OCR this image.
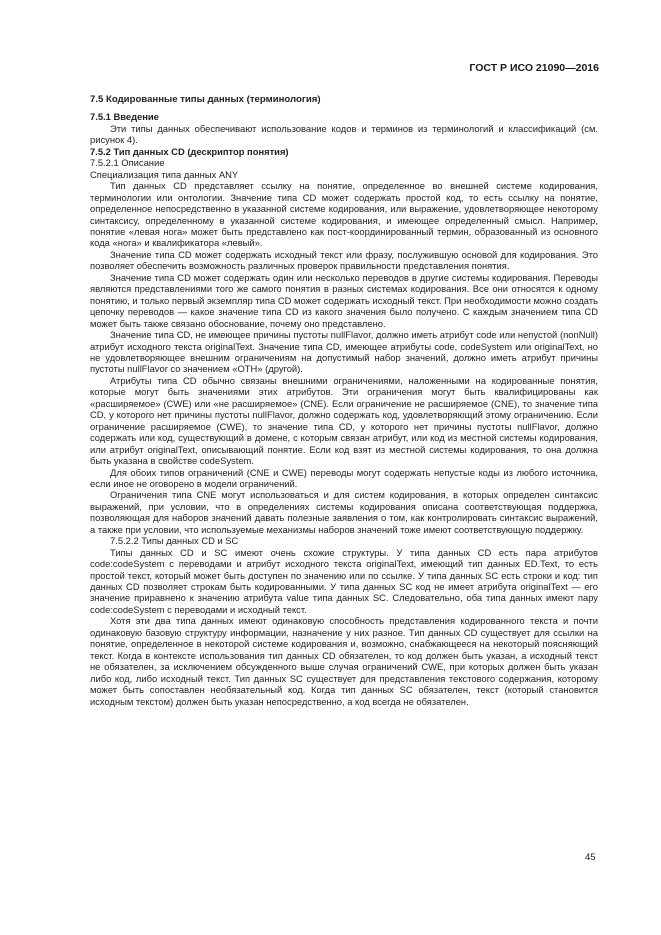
ГОСТ Р ИСО 21090—2016

7.5 Кодированные типы данных (терминология)

7.5.1 Введение

Эти типы данных обеспечивают использование кодов и терминов из терминологий и классификаций (см. рисунок 4).

7.5.2 Тип данных CD (дескриптор понятия)

7.5.2.1 Описание

Специализация типа данных ANY

Тип данных CD представляет ссылку на понятие, определенное во внешней системе кодирования, терминологии или онтологии. Значение типа CD может содержать простой код, то есть ссылку на понятие, определенное непосредственно в указанной системе кодирования, или выражение, удовлетворяющее некоторому синтаксису, определенному в указанной системе кодирования, и имеющее определенный смысл. Например, понятие «левая нога» может быть представлено как пост-координированный термин, образованный из основного кода «нога» и квалификатора «левый».

Значение типа CD может содержать исходный текст или фразу, послужившую основой для кодирования. Это позволяет обеспечить возможность различных проверок правильности представления понятия.

Значение типа CD может содержать один или несколько переводов в другие системы кодирования. Переводы являются представлениями того же самого понятия в разных системах кодирования. Все они относятся к одному понятию, и только первый экземпляр типа CD может содержать исходный текст. При необходимости можно создать цепочку переводов — какое значение типа CD из какого значения было получено. С каждым значением типа CD может быть также связано обоснование, почему оно представлено.

Значение типа CD, не имеющее причины пустоты nullFlavor, должно иметь атрибут code или непустой (nonNull) атрибут исходного текста originalText. Значение типа CD, имеющее атрибуты code, codeSystem или originalText, но не удовлетворяющее внешним ограничениям на допустимый набор значений, должно иметь атрибут причины пустоты nullFlavor со значением «OTH» (другой).

Атрибуты типа CD обычно связаны внешними ограничениями, наложенными на кодированные понятия, которые могут быть значениями этих атрибутов. Эти ограничения могут быть квалифицированы как «расширяемое» (CWE) или «не расширяемое» (CNE). Если ограничение не расширяемое (CNE), то значение типа CD, у которого нет причины пустоты nullFlavor, должно содержать код, удовлетворяющий этому ограничению. Если ограничение расширяемое (CWE), то значение типа CD, у которого нет причины пустоты nullFlavor, должно содержать или код, существующий в домене, с которым связан атрибут, или код из местной системы кодирования, или атрибут originalText, описывающий понятие. Если код взят из местной системы кодирования, то она должна быть указана в свойстве codeSystem.

Для обоих типов ограничений (CNE и CWE) переводы могут содержать непустые коды из любого источника, если иное не оговорено в модели ограничений.

Ограничения типа CNE могут использоваться и для систем кодирования, в которых определен синтаксис выражений, при условии, что в определениях системы кодирования описана соответствующая поддержка, позволяющая для наборов значений давать полезные заявления о том, как контролировать синтаксис выражений, а также при условии, что используемые механизмы наборов значений тоже имеют соответствующую поддержку.

7.5.2.2 Типы данных CD и SC

Типы данных CD и SC имеют очень схожие структуры. У типа данных CD есть пара атрибутов code:codeSystem с переводами и атрибут исходного текста originalText, имеющий тип данных ED.Text, то есть простой текст, который может быть доступен по значению или по ссылке. У типа данных SC есть строки и код: тип данных CD позволяет строкам быть кодированными. У типа данных SC код не имеет атрибута originalText — его значение приравнено к значению атрибута value типа данных SC. Следовательно, оба типа данных имеют пару code:codeSystem с переводами и исходный текст.

Хотя эти два типа данных имеют одинаковую способность представления кодированного текста и почти одинаковую базовую структуру информации, назначение у них разное. Тип данных CD существует для ссылки на понятие, определенное в некоторой системе кодирования и, возможно, снабжающееся на некоторый поясняющий текст. Когда в контексте использования тип данных CD обязателен, то код должен быть указан, а исходный текст не обязателен, за исключением обсужденного выше случая ограничений CWE, при которых должен быть указан либо код, либо исходный текст. Тип данных SC существует для представления текстового содержания, которому может быть сопоставлен необязательный код. Когда тип данных SC обязателен, текст (который становится исходным текстом) должен быть указан непосредственно, а код всегда не обязателен.

45
